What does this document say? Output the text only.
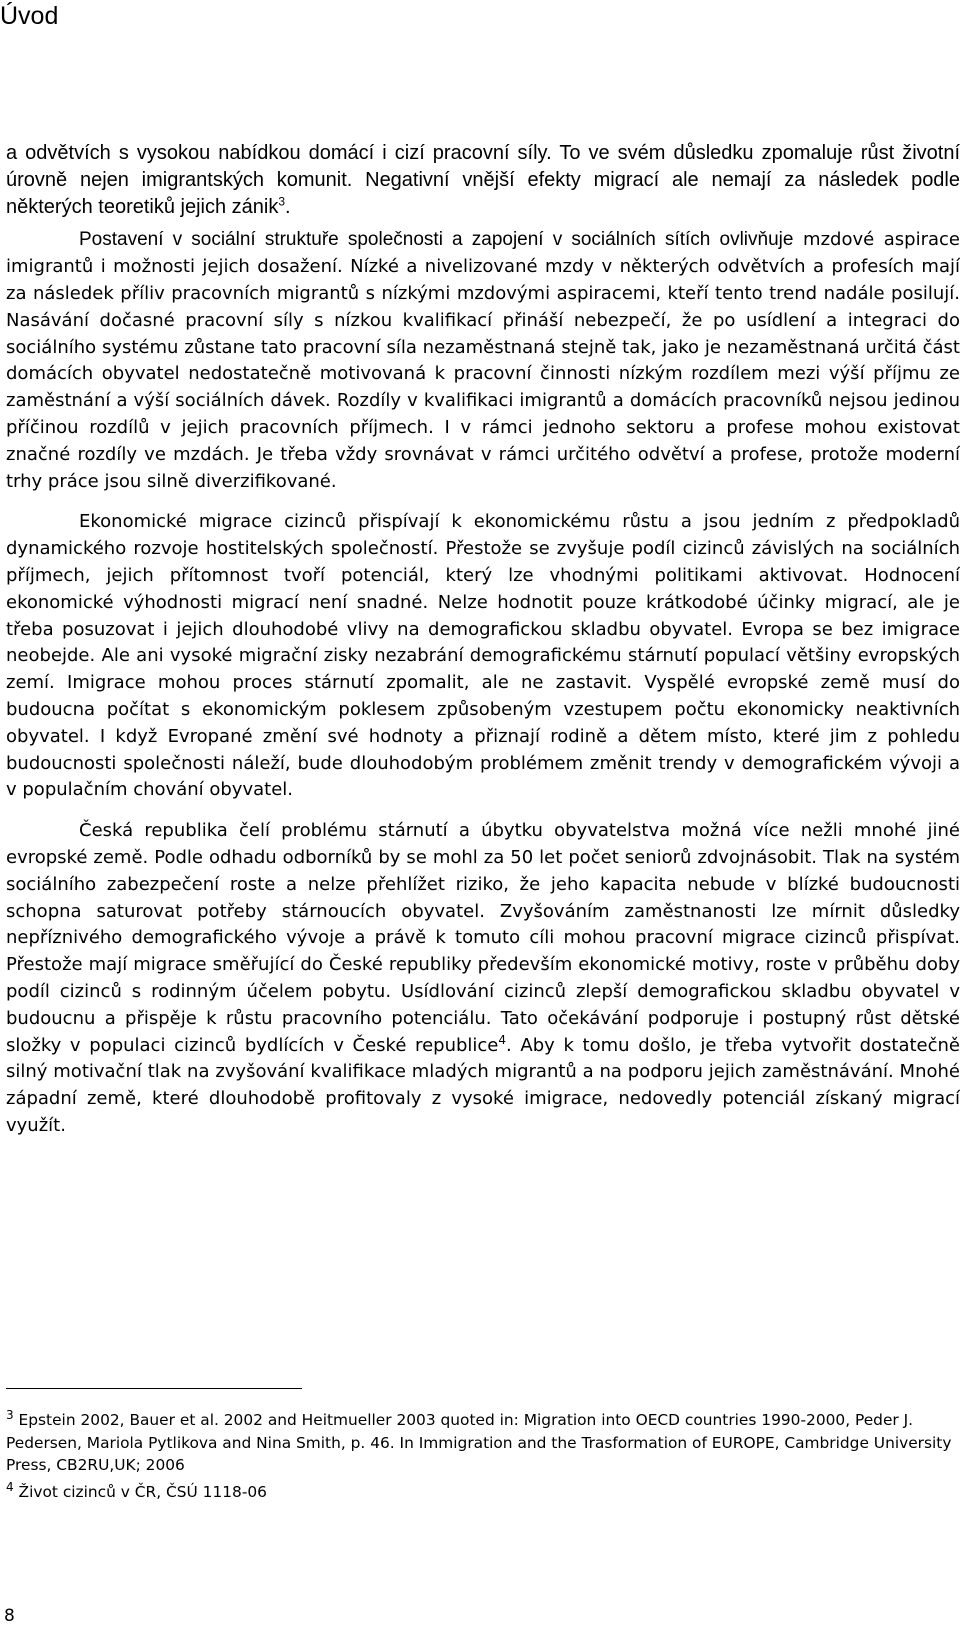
Úvod

a odvětvích s vysokou nabídkou domácí i cizí pracovní síly. To ve svém důsledku zpomaluje růst životní úrovně nejen imigrantských komunit. Negativní vnější efekty migrací ale nemají za následek podle některých teoretiků jejich zánik$^3$.

Postavení v sociální struktuře společnosti a zapojení v sociálních sítích ovlivňuje mzdové aspirace imigrantů i možnosti jejich dosažení. Nízké a nivelizované mzdy v některých odvětvích a profesích mají za následek příliv pracovních migrantů s nízkými mzdovými aspiracemi, kteří tento trend nadále posilují. Nasávání dočasné pracovní síly s nízkou kvalifikací přináší nebezpečí, že po usídlení a integraci do sociálního systému zůstane tato pracovní síla nezaměstnaná stejně tak, jako je nezaměstnaná určitá část domácích obyvatel nedostatečně motivovaná k pracovní činnosti nízkým rozdílem mezi výší příjmu ze zaměstnání a výší sociálních dávek. Rozdíly v kvalifikaci imigrantů a domácích pracovníků nejsou jedinou příčinou rozdílů v jejich pracovních příjmech. I v rámci jednoho sektoru a profese mohou existovat značné rozdíly ve mzdách. Je třeba vždy srovnávat v rámci určitého odvětví a profese, protože moderní trhy práce jsou silně diverzifikované.

Ekonomické migrace cizinců přispívají k ekonomickému růstu a jsou jedním z předpokladů dynamického rozvoje hostitelských společností. Přestože se zvyšuje podíl cizinců závislých na sociálních příjmech, jejich přítomnost tvoří potenciál, který lze vhodnými politikami aktivovat. Hodnocení ekonomické výhodnosti migrací není snadné. Nelze hodnotit pouze krátkodobé účinky migrací, ale je třeba posuzovat i jejich dlouhodobé vlivy na demografickou skladbu obyvatel. Evropa se bez imigrace neobejde. Ale ani vysoké migrační zisky nezabrání demografickému stárnutí populací většiny evropských zemí. Imigrace mohou proces stárnutí zpomalit, ale ne zastavit. Vyspělé evropské země musí do budoucna počítat s ekonomickým poklesem způsobeným vzestupem počtu ekonomicky neaktivních obyvatel. I když Evropané změní své hodnoty a přiznají rodině a dětem místo, které jim z pohledu budoucnosti společnosti náleží, bude dlouhodobým problémem změnit trendy v demografickém vývoji a v populačním chování obyvatel.

Česká republika čelí problému stárnutí a úbytku obyvatelstva možná více nežli mnohé jiné evropské země. Podle odhadu odborníků by se mohl za 50 let počet seniorů zdvojnásobit. Tlak na systém sociálního zabezpečení roste a nelze přehlížet riziko, že jeho kapacita nebude v blízké budoucnosti schopna saturovat potřeby stárnoucích obyvatel. Zvyšováním zaměstnanosti lze mírnit důsledky nepříznivého demografického vývoje a právě k tomuto cíli mohou pracovní migrace cizinců přispívat. Přestože mají migrace směřující do České republiky především ekonomické motivy, roste v průběhu doby podíl cizinců s rodinným účelem pobytu. Usídlování cizinců zlepší demografickou skladbu obyvatel v budoucnu a přispěje k růstu pracovního potenciálu. Tato očekávání podporuje i postupný růst dětské složky v populaci cizinců bydlících v České republice$^4$. Aby k tomu došlo, je třeba vytvořit dostatečně silný motivační tlak na zvyšování kvalifikace mladých migrantů a na podporu jejich zaměstnávání. Mnohé západní země, které dlouhodobě profitovaly z vysoké imigrace, nedovedly potenciál získaný migrací využít.

$^3$ Epstein 2002, Bauer et al. 2002 and Heitmueller 2003 quoted in: Migration into OECD countries 1990-2000, Peder J. Pedersen, Mariola Pytlikova and Nina Smith, p. 46. In Immigration and the Trasformation of EUROPE, Cambridge University Press, CB2RU,UK; 2006

$^4$ Život cizinců v ČR, ČSÚ 1118-06

8
